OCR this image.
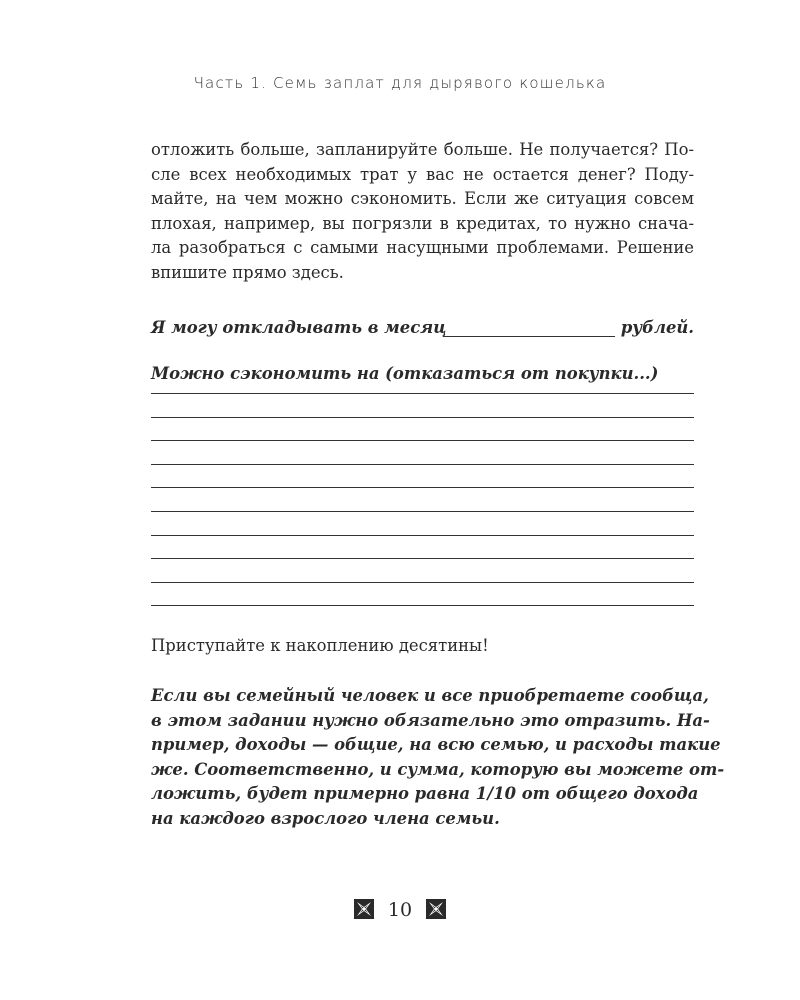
Часть 1. Семь заплат для дырявого кошелька

отложить больше, запланируйте больше. Не получается? По-
сле всех необходимых трат у вас не остается денег? Поду-
майте, на чем можно сэкономить. Если же ситуация совсем
плохая, например, вы погрязли в кредитах, то нужно снача-
ла разобраться с самыми насущными проблемами. Решение
впишите прямо здесь.

Я могу откладывать в месяц	рублей.
Можно сэкономить на (отказаться от покупки...)
Приступайте к накоплению десятины!

Если вы семейный человек и все приобретаете сообща,
в этом задании нужно обязательно это отразить. На-
пример, доходы — общие, на всю семью, и расходы такие
же. Соответственно, и сумма, которую вы можете от-
ложить, будет примерно равна 1/10 от общего дохода
на каждого взрослого члена семьи.

10
